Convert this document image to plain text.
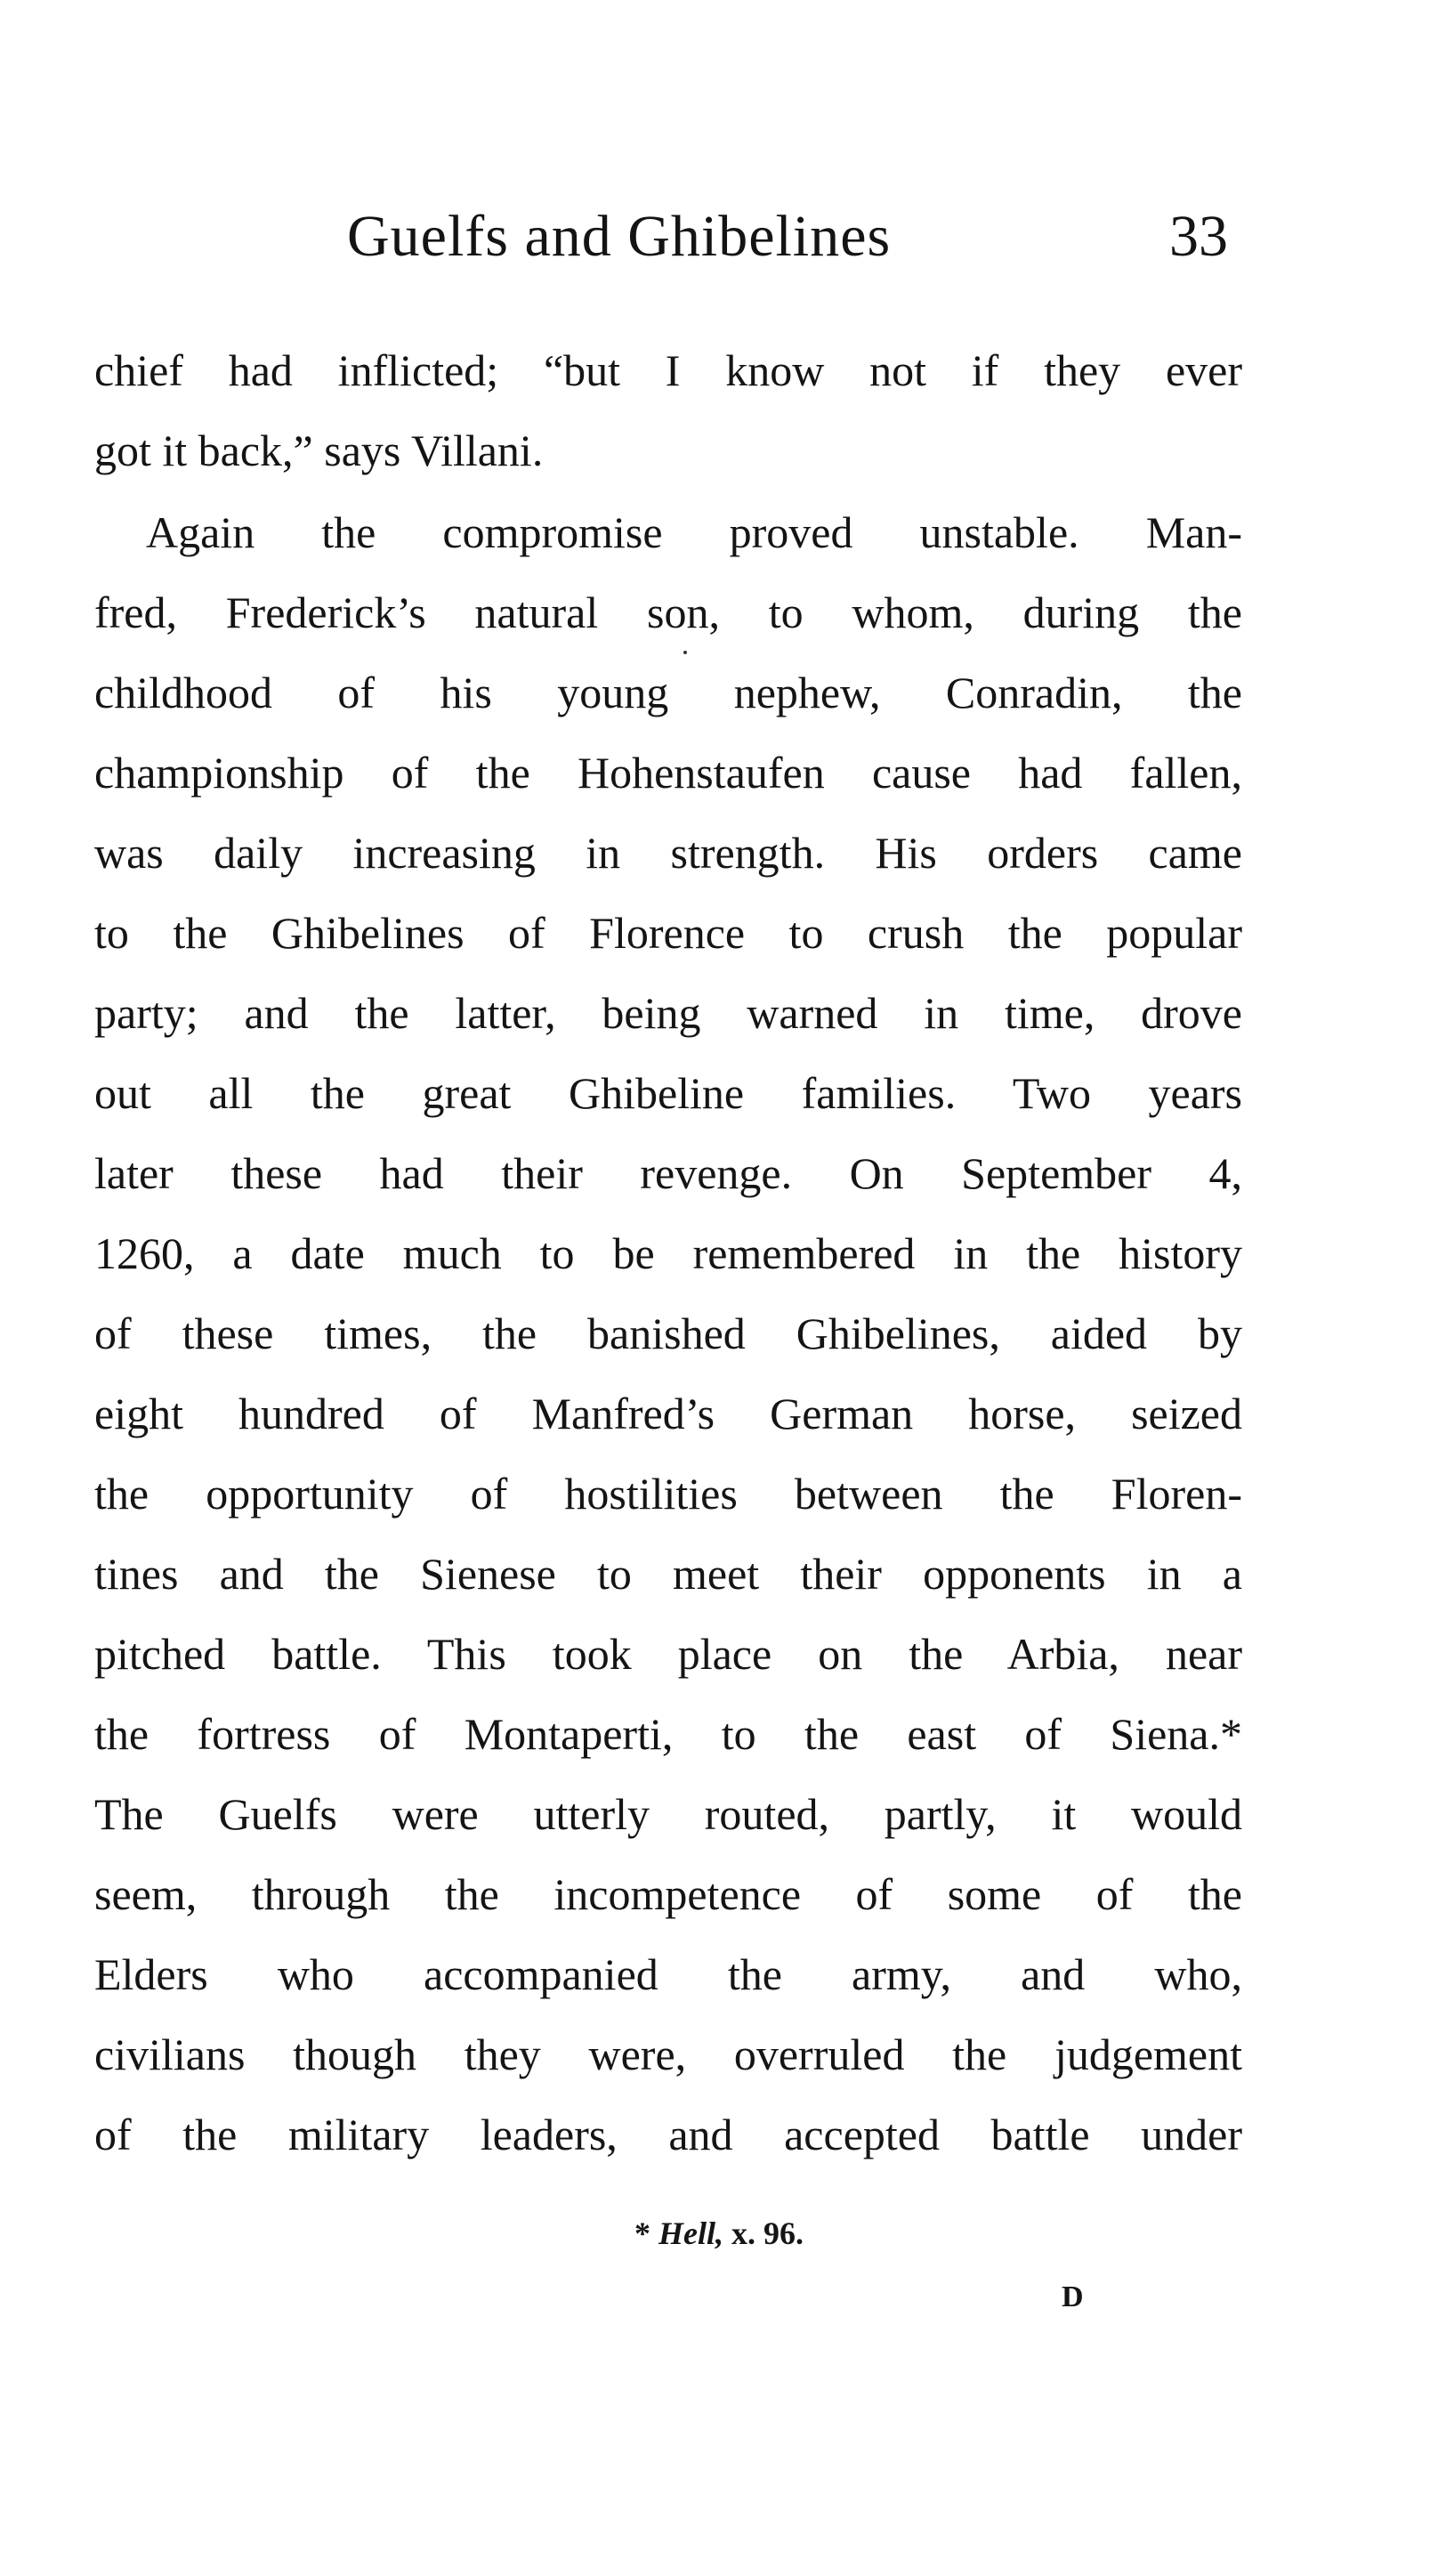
Guelfs and Ghibelines	33
chief had inflicted; “but I know not if they ever
got it back,” says Villani.
Again the compromise proved unstable. Man-
fred, Frederick’s natural son, to whom, during the
childhood of his young nephew, Conradin, the
championship of the Hohenstaufen cause had fallen,
was daily increasing in strength. His orders came
to the Ghibelines of Florence to crush the popular
party; and the latter, being warned in time, drove
out all the great Ghibeline families. Two years
later these had their revenge. On September 4,
1260, a date much to be remembered in the history
of these times, the banished Ghibelines, aided by
eight hundred of Manfred’s German horse, seized
the opportunity of hostilities between the Floren-
tines and the Sienese to meet their opponents in a
pitched battle. This took place on the Arbia, near
the fortress of Montaperti, to the east of Siena.*
The Guelfs were utterly routed, partly, it would
seem, through the incompetence of some of the
Elders who accompanied the army, and who,
civilians though they were, overruled the judgement
of the military leaders, and accepted battle under
* Hell, x. 96.
D
